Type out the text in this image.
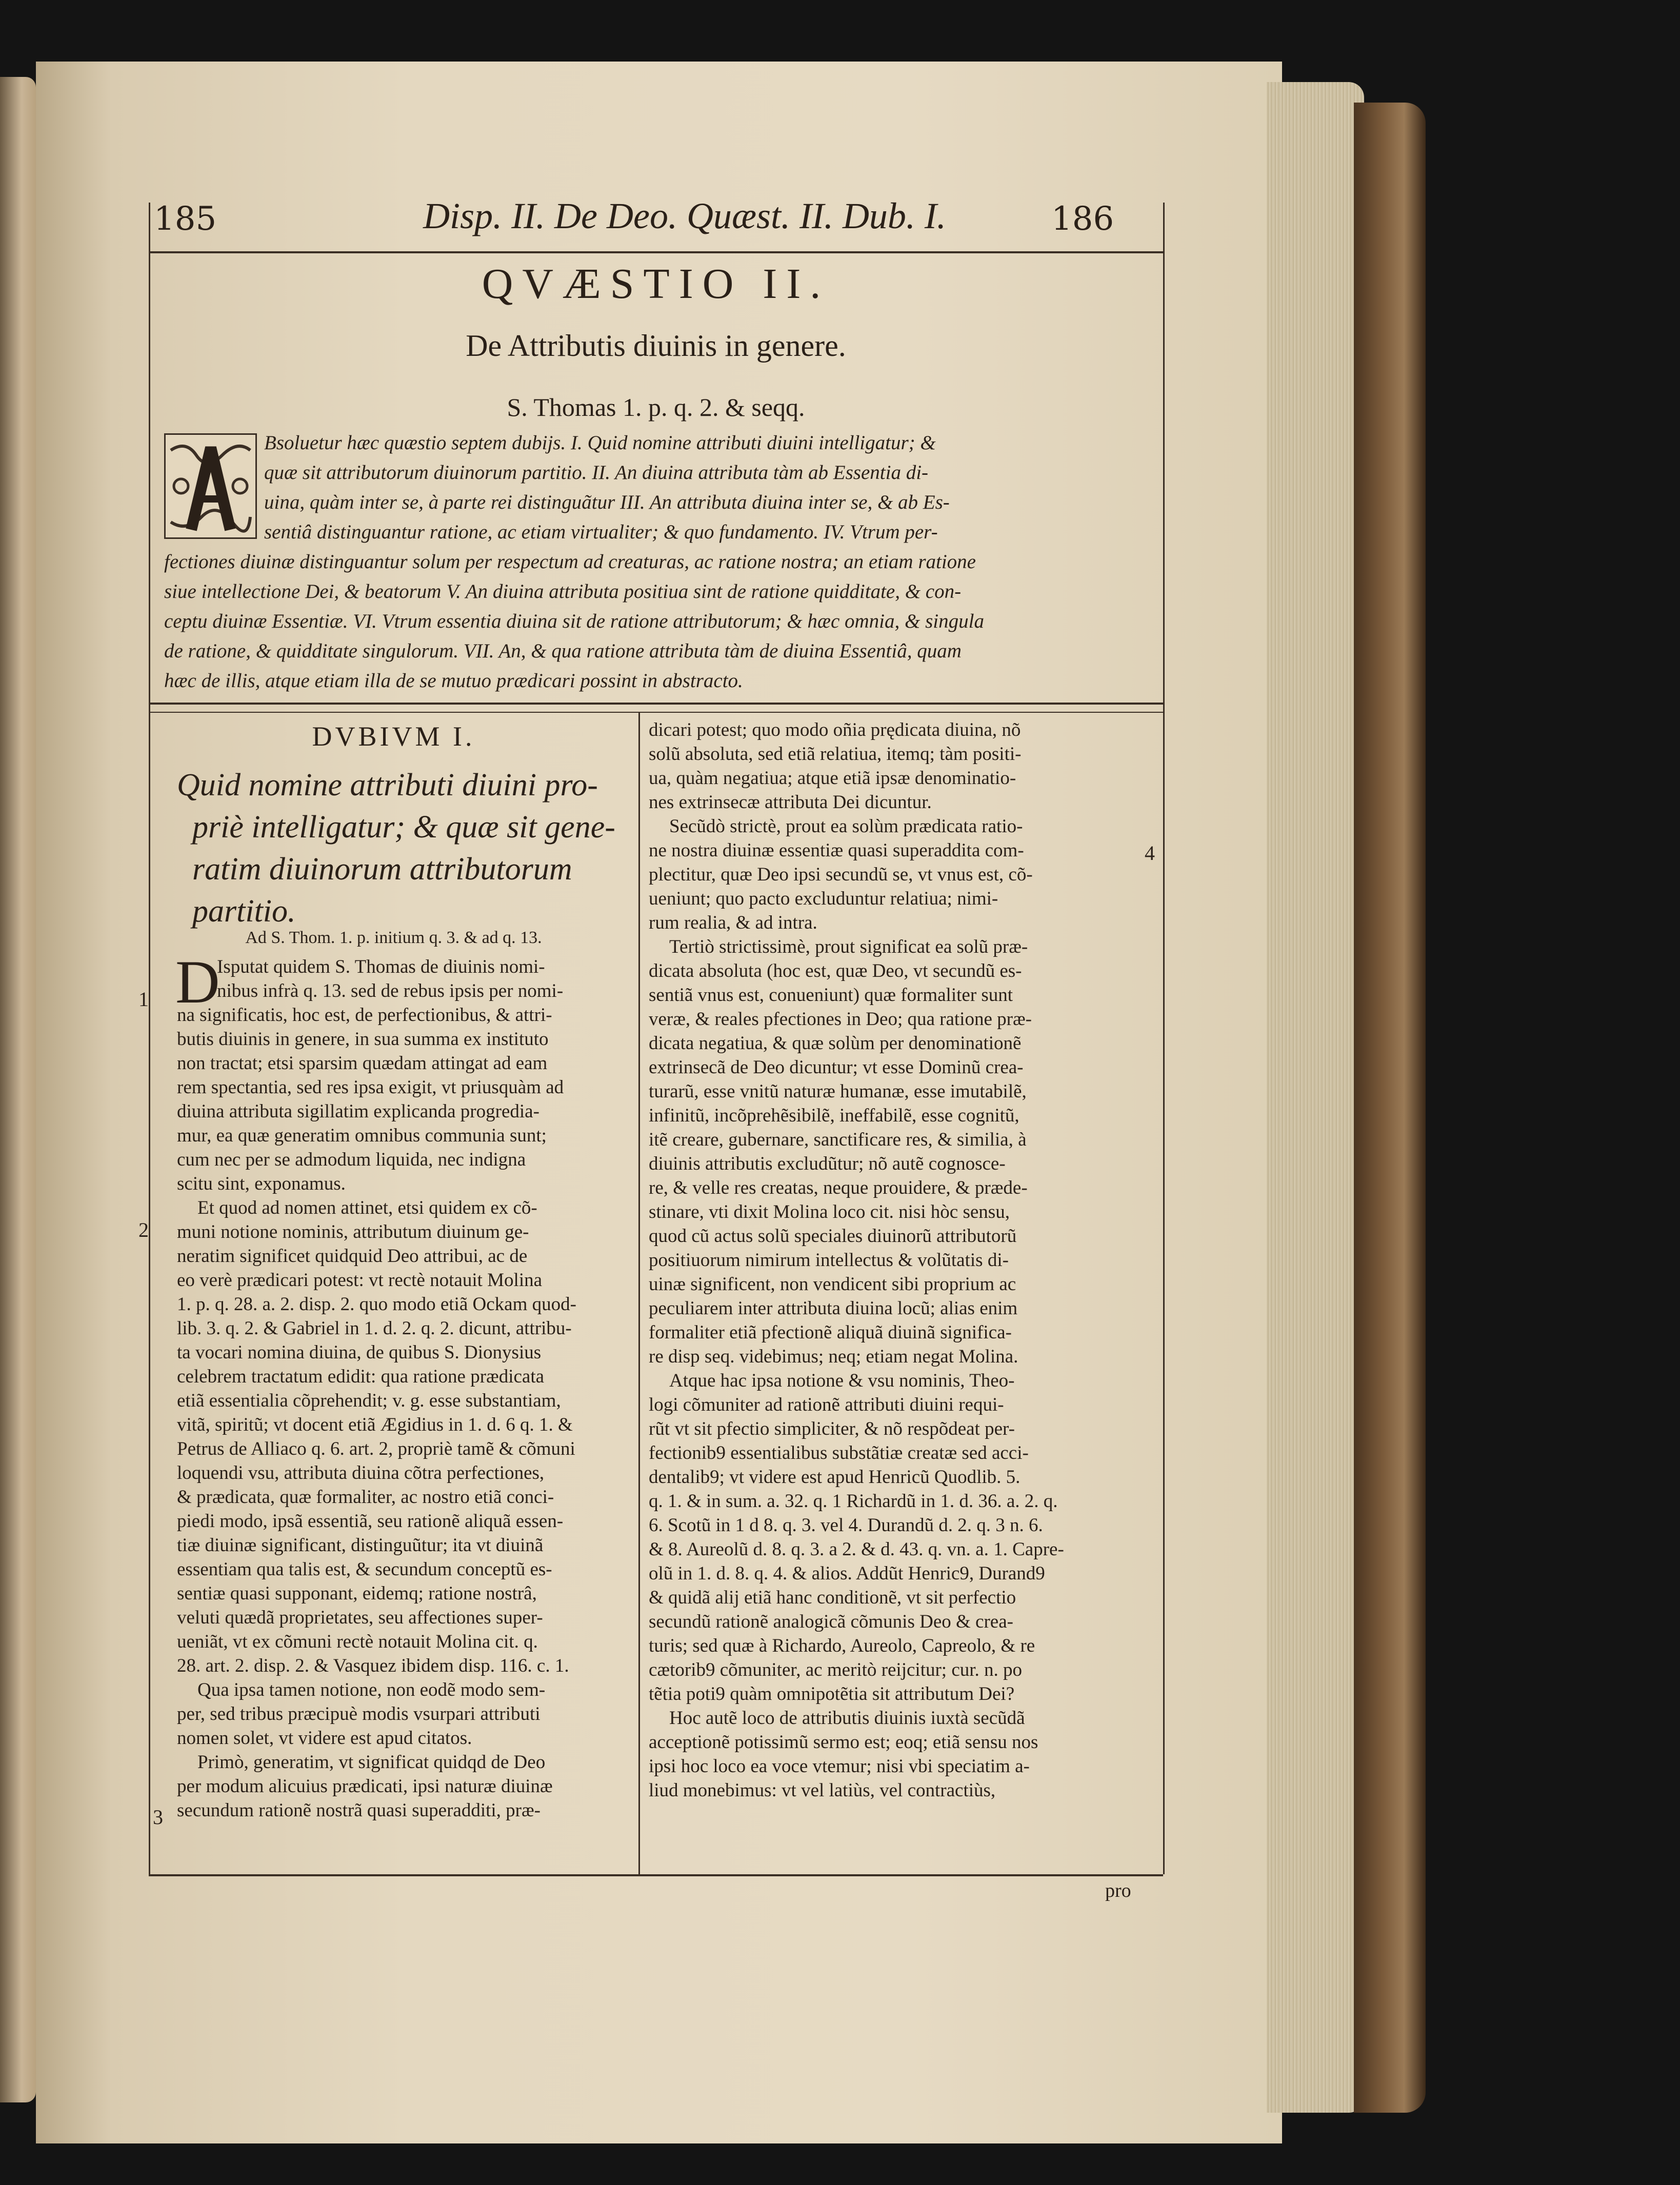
185	Disp. II. De Deo. Quæst. II. Dub. I.	186
QVÆSTIO II.
De Attributis diuinis in genere.
S. Thomas 1. p. q. 2. & seqq.
Bsoluetur hæc quæstio septem dubijs. I. Quid nomine attributi diuini intelligatur; &
quæ sit attributorum diuinorum partitio. II. An diuina attributa tàm ab Essentia di-
uina, quàm inter se, à parte rei distinguãtur III. An attributa diuina inter se, & ab Es-
sentiâ distinguantur ratione, ac etiam virtualiter; & quo fundamento. IV. Vtrum per-
fectiones diuinæ distinguantur solum per respectum ad creaturas, ac ratione nostra; an etiam ratione
siue intellectione Dei, & beatorum V. An diuina attributa positiua sint de ratione quidditate, & con-
ceptu diuinæ Essentiæ. VI. Vtrum essentia diuina sit de ratione attributorum; & hæc omnia, & singula
de ratione, & quidditate singulorum. VII. An, & qua ratione attributa tàm de diuina Essentiâ, quam
hæc de illis, atque etiam illa de se mutuo prædicari possint in abstracto.
DVBIVM I.
Quid nomine attributi diuini pro-
priè intelligatur; & quæ sit gene-
ratim diuinorum attributorum
partitio.
Ad S. Thom. 1. p. initium q. 3. & ad q. 13.
1
2
3
4
D
Isputat quidem S. Thomas de diuinis nomi-
nibus infrà q. 13. sed de rebus ipsis per nomi-
na significatis, hoc est, de perfectionibus, & attri-
butis diuinis in genere, in sua summa ex instituto
non tractat; etsi sparsim quædam attingat ad eam
rem spectantia, sed res ipsa exigit, vt priusquàm ad
diuina attributa sigillatim explicanda progredia-
mur, ea quæ generatim omnibus communia sunt;
cum nec per se admodum liquida, nec indigna
scitu sint, exponamus.
Et quod ad nomen attinet, etsi quidem ex cõ-
muni notione nominis, attributum diuinum ge-
neratim significet quidquid Deo attribui, ac de
eo verè prædicari potest: vt rectè notauit Molina
1. p. q. 28. a. 2. disp. 2. quo modo etiã Ockam quod-
lib. 3. q. 2. & Gabriel in 1. d. 2. q. 2. dicunt, attribu-
ta vocari nomina diuina, de quibus S. Dionysius
celebrem tractatum edidit: qua ratione prædicata
etiã essentialia cõprehendit; v. g. esse substantiam,
vitã, spiritũ; vt docent etiã Ægidius in 1. d. 6 q. 1. &
Petrus de Alliaco q. 6. art. 2, propriè tamẽ & cõmuni
loquendi vsu, attributa diuina cõtra perfectiones,
& prædicata, quæ formaliter, ac nostro etiã conci-
piedi modo, ipsã essentiã, seu rationẽ aliquã essen-
tiæ diuinæ significant, distinguũtur; ita vt diuinã
essentiam qua talis est, & secundum conceptũ es-
sentiæ quasi supponant, eidemq; ratione nostrâ,
veluti quædã proprietates, seu affectiones super-
ueniãt, vt ex cõmuni rectè notauit Molina cit. q.
28. art. 2. disp. 2. & Vasquez ibidem disp. 116. c. 1.
Qua ipsa tamen notione, non eodẽ modo sem-
per, sed tribus præcipuè modis vsurpari attributi
nomen solet, vt videre est apud citatos.
Primò, generatim, vt significat quidqd de Deo
per modum alicuius prædicati, ipsi naturæ diuinæ
secundum rationẽ nostrã quasi superadditi, præ-
dicari potest; quo modo oñia prędicata diuina, nõ
solũ absoluta, sed etiã relatiua, itemq; tàm positi-
ua, quàm negatiua; atque etiã ipsæ denominatio-
nes extrinsecæ attributa Dei dicuntur.
Secũdò strictè, prout ea solùm prædicata ratio-
ne nostra diuinæ essentiæ quasi superaddita com-
plectitur, quæ Deo ipsi secundũ se, vt vnus est, cõ-
ueniunt; quo pacto excluduntur relatiua; nimi-
rum realia, & ad intra.
Tertiò strictissimè, prout significat ea solũ præ-
dicata absoluta (hoc est, quæ Deo, vt secundũ es-
sentiã vnus est, conueniunt) quæ formaliter sunt
veræ, & reales pfectiones in Deo; qua ratione præ-
dicata negatiua, & quæ solùm per denominationẽ
extrinsecã de Deo dicuntur; vt esse Dominũ crea-
turarũ, esse vnitũ naturæ humanæ, esse imutabilẽ,
infinitũ, incõprehẽsibilẽ, ineffabilẽ, esse cognitũ,
itẽ creare, gubernare, sanctificare res, & similia, à
diuinis attributis excludũtur; nõ autẽ cognosce-
re, & velle res creatas, neque prouidere, & præde-
stinare, vti dixit Molina loco cit. nisi hòc sensu,
quod cũ actus solũ speciales diuinorũ attributorũ
positiuorum nimirum intellectus & volũtatis di-
uinæ significent, non vendicent sibi proprium ac
peculiarem inter attributa diuina locũ; alias enim
formaliter etiã pfectionẽ aliquã diuinã significa-
re disp seq. videbimus; neq; etiam negat Molina.
Atque hac ipsa notione & vsu nominis, Theo-
logi cõmuniter ad rationẽ attributi diuini requi-
rũt vt sit pfectio simpliciter, & nõ respõdeat per-
fectionib9 essentialibus substãtiæ creatæ sed acci-
dentalib9; vt videre est apud Henricũ Quodlib. 5.
q. 1. & in sum. a. 32. q. 1 Richardũ in 1. d. 36. a. 2. q.
6. Scotũ in 1 d 8. q. 3. vel 4. Durandũ d. 2. q. 3 n. 6.
& 8. Aureolũ d. 8. q. 3. a 2. & d. 43. q. vn. a. 1. Capre-
olũ in 1. d. 8. q. 4. & alios. Addũt Henric9, Durand9
& quidã alij etiã hanc conditionẽ, vt sit perfectio
secundũ rationẽ analogicã cõmunis Deo & crea-
turis; sed quæ à Richardo, Aureolo, Capreolo, & re
cætorib9 cõmuniter, ac meritò reijcitur; cur. n. po
tẽtia poti9 quàm omnipotẽtia sit attributum Dei?
Hoc autẽ loco de attributis diuinis iuxtà secũdã
acceptionẽ potissimũ sermo est; eoq; etiã sensu nos
ipsi hoc loco ea voce vtemur; nisi vbi speciatim a-
liud monebimus: vt vel latiùs, vel contractiùs,
pro
